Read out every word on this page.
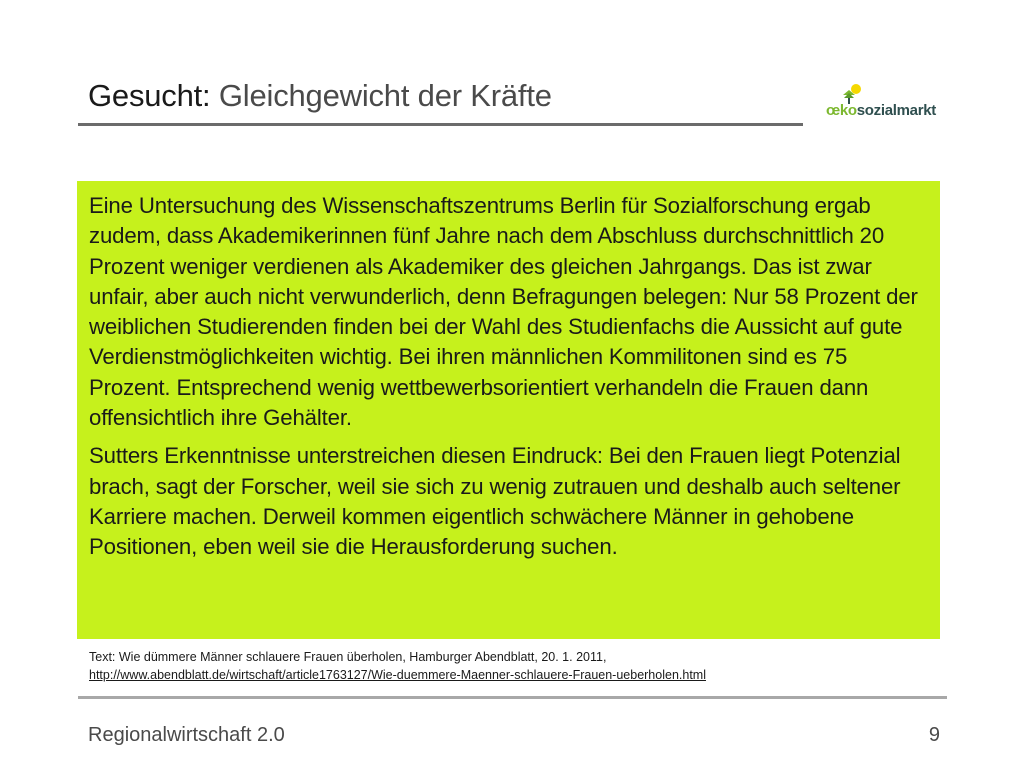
Gesucht: Gleichgewicht der Kräfte	œkosozialmarkt

Eine Untersuchung des Wissenschaftszentrums Berlin für Sozialforschung ergab zudem, dass Akademikerinnen fünf Jahre nach dem Abschluss durchschnittlich 20 Prozent weniger verdienen als Akademiker des gleichen Jahrgangs. Das ist zwar unfair, aber auch nicht verwunderlich, denn Befragungen belegen: Nur 58 Prozent der weiblichen Studierenden finden bei der Wahl des Studienfachs die Aussicht auf gute Verdienstmöglichkeiten wichtig. Bei ihren männlichen Kommilitonen sind es 75 Prozent. Entsprechend wenig wettbewerbsorientiert verhandeln die Frauen dann offensichtlich ihre Gehälter.

Sutters Erkenntnisse unterstreichen diesen Eindruck: Bei den Frauen liegt Potenzial brach, sagt der Forscher, weil sie sich zu wenig zutrauen und deshalb auch seltener Karriere machen. Derweil kommen eigentlich schwächere Männer in gehobene Positionen, eben weil sie die Herausforderung suchen.

Text: Wie dümmere Männer schlauere Frauen überholen, Hamburger Abendblatt, 20. 1. 2011,
http://www.abendblatt.de/wirtschaft/article1763127/Wie-duemmere-Maenner-schlauere-Frauen-ueberholen.html
Regionalwirtschaft 2.0	9
